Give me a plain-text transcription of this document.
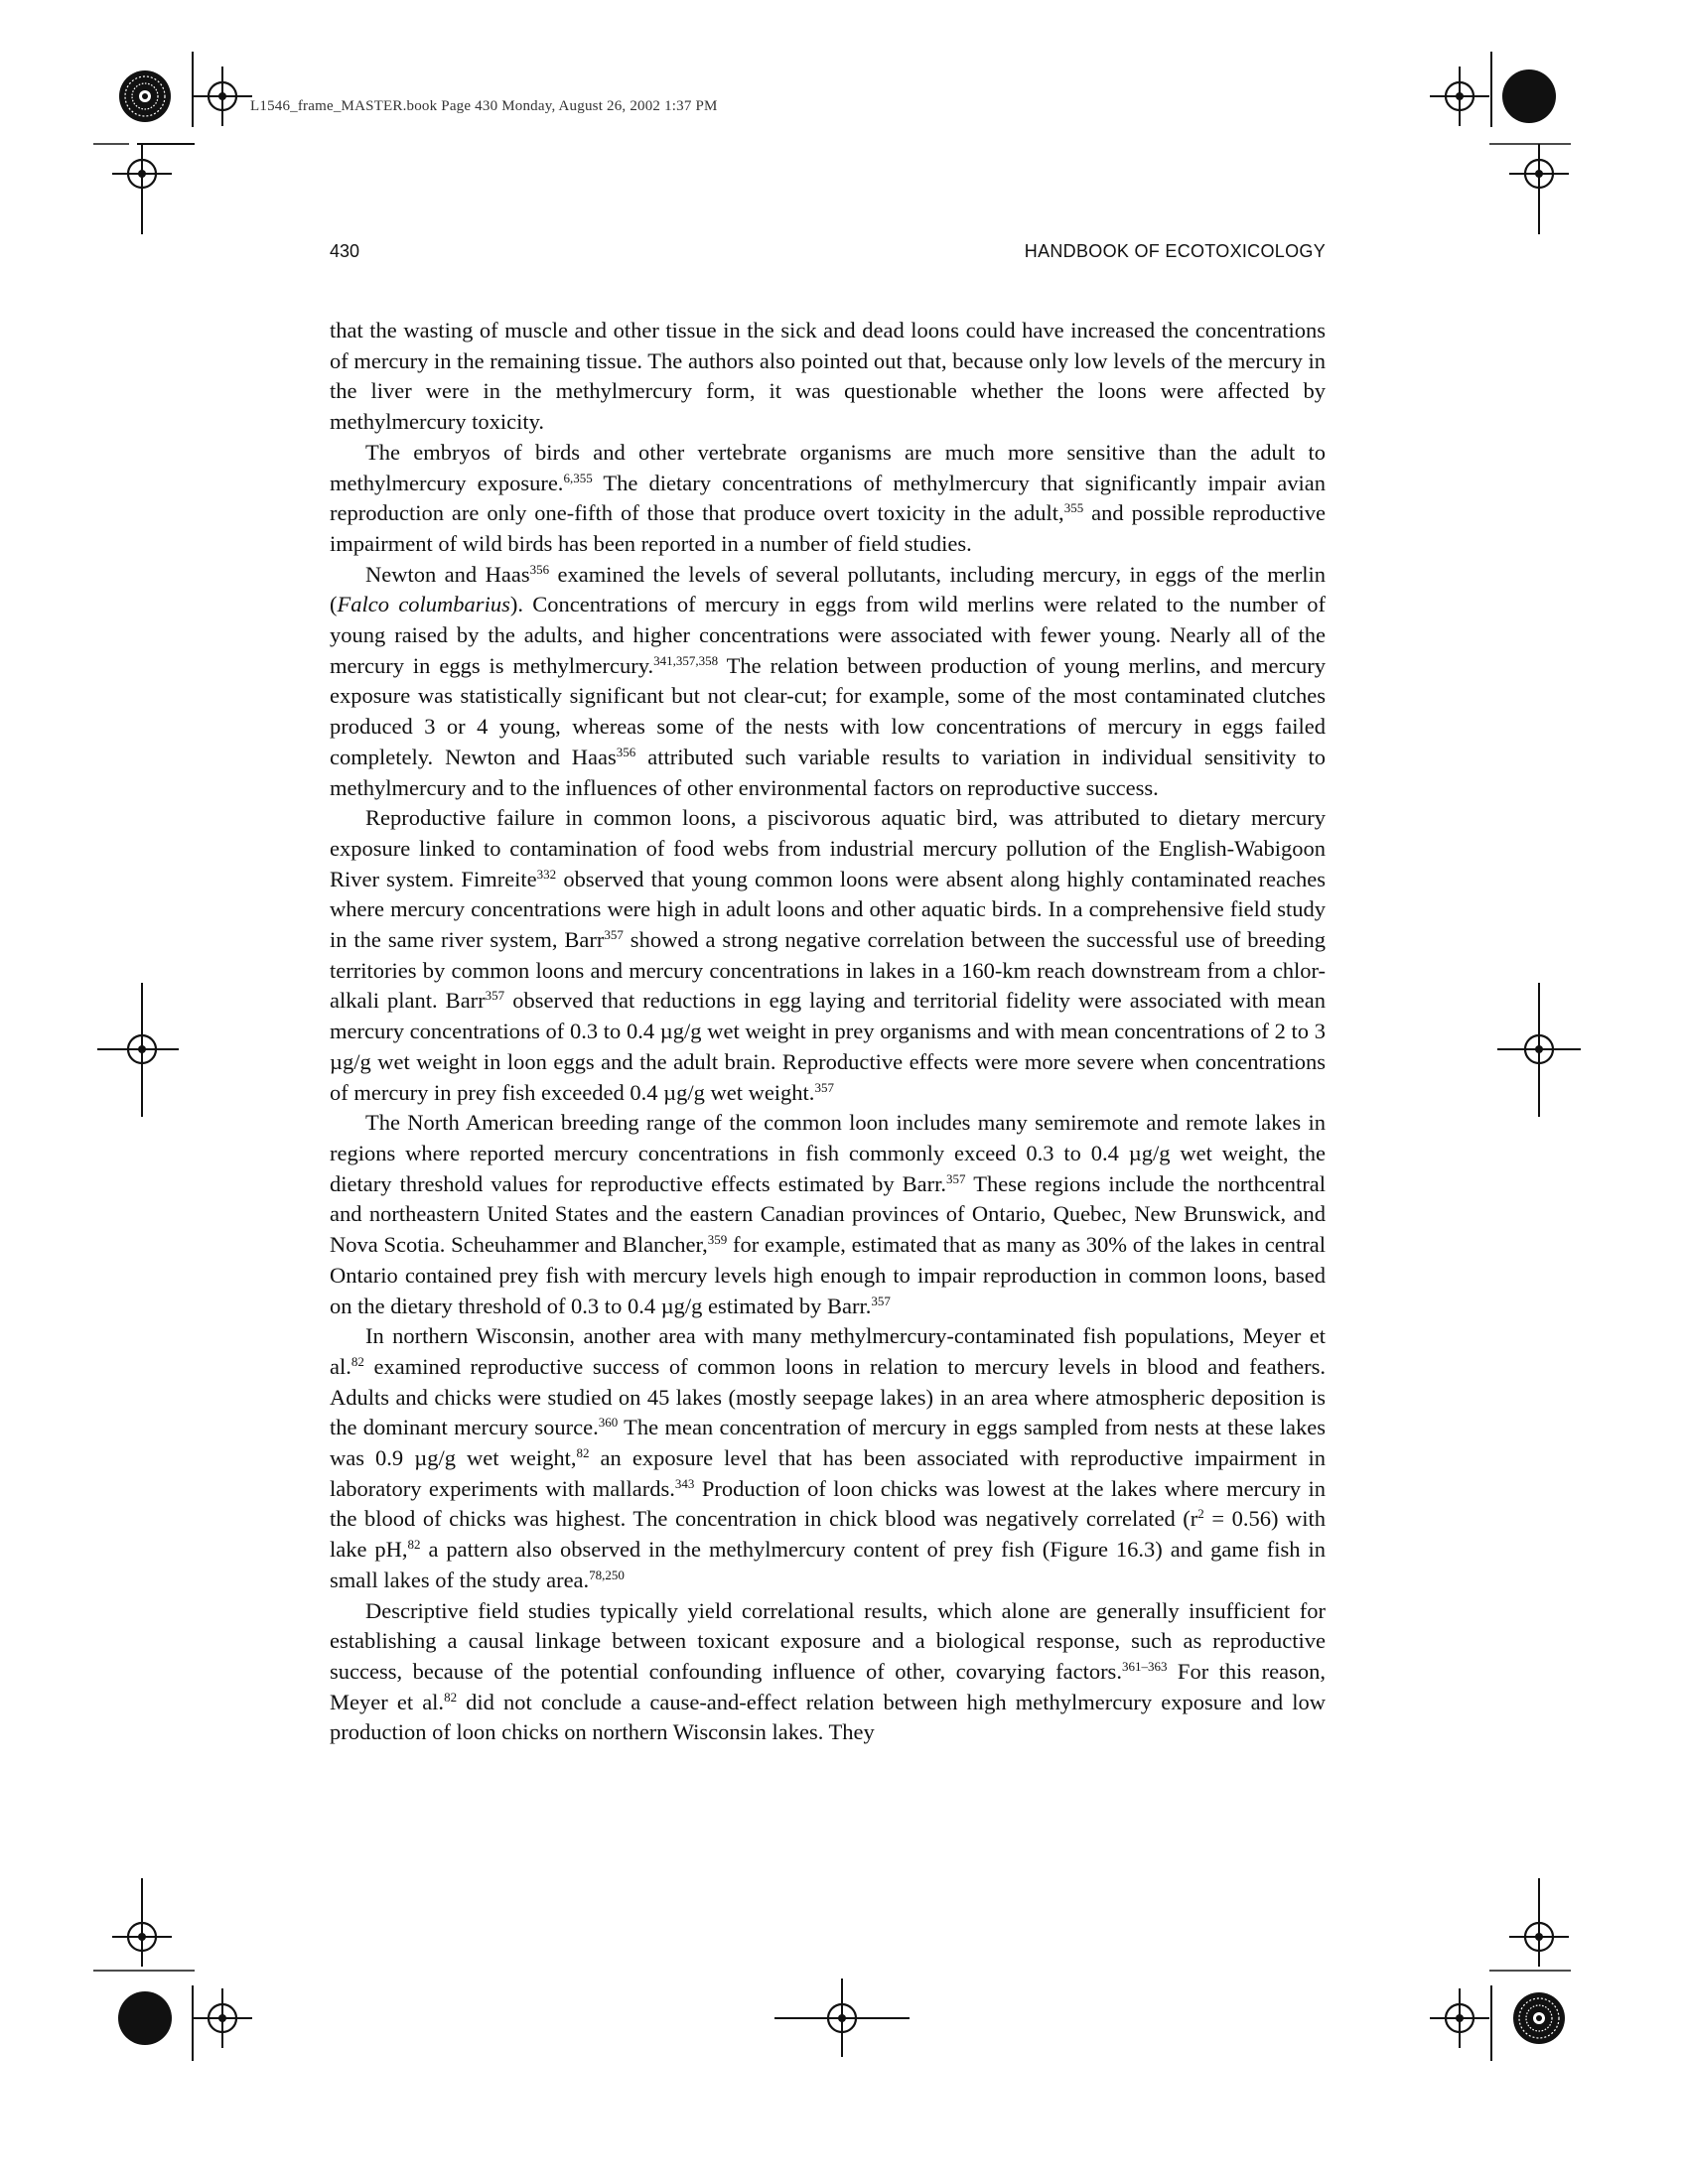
L1546_frame_MASTER.book Page 430 Monday, August 26, 2002 1:37 PM
430	HANDBOOK OF ECOTOXICOLOGY

that the wasting of muscle and other tissue in the sick and dead loons could have increased the concentrations of mercury in the remaining tissue. The authors also pointed out that, because only low levels of the mercury in the liver were in the methylmercury form, it was questionable whether the loons were affected by methylmercury toxicity.

The embryos of birds and other vertebrate organisms are much more sensitive than the adult to methylmercury exposure.$^{6,355}$ The dietary concentrations of methylmercury that significantly impair avian reproduction are only one-fifth of those that produce overt toxicity in the adult,$^{355}$ and possible reproductive impairment of wild birds has been reported in a number of field studies.

Newton and Haas$^{356}$ examined the levels of several pollutants, including mercury, in eggs of the merlin (Falco columbarius). Concentrations of mercury in eggs from wild merlins were related to the number of young raised by the adults, and higher concentrations were associated with fewer young. Nearly all of the mercury in eggs is methylmercury.$^{341,357,358}$ The relation between production of young merlins, and mercury exposure was statistically significant but not clear-cut; for example, some of the most contaminated clutches produced 3 or 4 young, whereas some of the nests with low concentrations of mercury in eggs failed completely. Newton and Haas$^{356}$ attributed such variable results to variation in individual sensitivity to methylmercury and to the influences of other environmental factors on reproductive success.

Reproductive failure in common loons, a piscivorous aquatic bird, was attributed to dietary mercury exposure linked to contamination of food webs from industrial mercury pollution of the English-Wabigoon River system. Fimreite$^{332}$ observed that young common loons were absent along highly contaminated reaches where mercury concentrations were high in adult loons and other aquatic birds. In a comprehensive field study in the same river system, Barr$^{357}$ showed a strong negative correlation between the successful use of breeding territories by common loons and mercury concentrations in lakes in a 160-km reach downstream from a chlor-alkali plant. Barr$^{357}$ observed that reductions in egg laying and territorial fidelity were associated with mean mercury concentrations of 0.3 to 0.4 µg/g wet weight in prey organisms and with mean concentrations of 2 to 3 µg/g wet weight in loon eggs and the adult brain. Reproductive effects were more severe when concentrations of mercury in prey fish exceeded 0.4 µg/g wet weight.$^{357}$

The North American breeding range of the common loon includes many semiremote and remote lakes in regions where reported mercury concentrations in fish commonly exceed 0.3 to 0.4 µg/g wet weight, the dietary threshold values for reproductive effects estimated by Barr.$^{357}$ These regions include the northcentral and northeastern United States and the eastern Canadian provinces of Ontario, Quebec, New Brunswick, and Nova Scotia. Scheuhammer and Blancher,$^{359}$ for example, estimated that as many as 30% of the lakes in central Ontario contained prey fish with mercury levels high enough to impair reproduction in common loons, based on the dietary threshold of 0.3 to 0.4 µg/g estimated by Barr.$^{357}$

In northern Wisconsin, another area with many methylmercury-contaminated fish populations, Meyer et al.$^{82}$ examined reproductive success of common loons in relation to mercury levels in blood and feathers. Adults and chicks were studied on 45 lakes (mostly seepage lakes) in an area where atmospheric deposition is the dominant mercury source.$^{360}$ The mean concentration of mercury in eggs sampled from nests at these lakes was 0.9 µg/g wet weight,$^{82}$ an exposure level that has been associated with reproductive impairment in laboratory experiments with mallards.$^{343}$ Production of loon chicks was lowest at the lakes where mercury in the blood of chicks was highest. The concentration in chick blood was negatively correlated $(r^2 = 0.56)$ with lake pH,$^{82}$ a pattern also observed in the methylmercury content of prey fish (Figure 16.3) and game fish in small lakes of the study area.$^{78,250}$

Descriptive field studies typically yield correlational results, which alone are generally insufficient for establishing a causal linkage between toxicant exposure and a biological response, such as reproductive success, because of the potential confounding influence of other, covarying factors.$^{361-363}$ For this reason, Meyer et al.$^{82}$ did not conclude a cause-and-effect relation between high methylmercury exposure and low production of loon chicks on northern Wisconsin lakes. They
